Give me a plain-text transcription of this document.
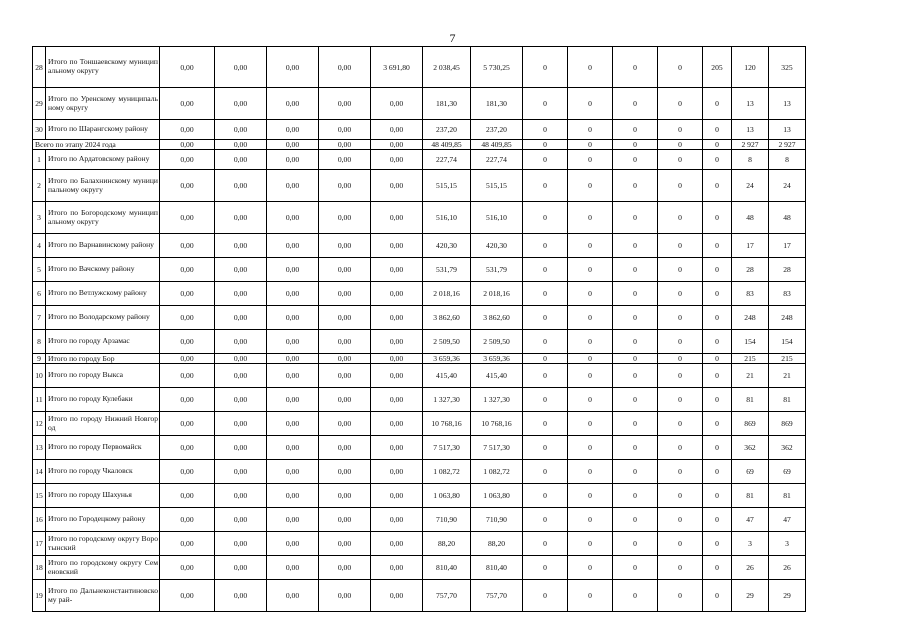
7
28	Итого по Тоншаевскому муниципальному округу	0,00	0,00	0,00	0,00	3 691,80	2 038,45	5 730,25	0	0	0	0	205	120	325
29	Итого по Уренскому муниципальному округу	0,00	0,00	0,00	0,00	0,00	181,30	181,30	0	0	0	0	0	13	13
30	Итого по Шарангскому району	0,00	0,00	0,00	0,00	0,00	237,20	237,20	0	0	0	0	0	13	13
Всего по этапу 2024 года		0,00	0,00	0,00	0,00	0,00	48 409,85	48 409,85	0	0	0	0	0	2 927	2 927
1	Итого по Ардатовскому району	0,00	0,00	0,00	0,00	0,00	227,74	227,74	0	0	0	0	0	8	8
2	Итого по Балахнинскому муниципальному округу	0,00	0,00	0,00	0,00	0,00	515,15	515,15	0	0	0	0	0	24	24
3	Итого по Богородскому муниципальному округу	0,00	0,00	0,00	0,00	0,00	516,10	516,10	0	0	0	0	0	48	48
4	Итого по Варнавинскому району	0,00	0,00	0,00	0,00	0,00	420,30	420,30	0	0	0	0	0	17	17
5	Итого по Вачскому району	0,00	0,00	0,00	0,00	0,00	531,79	531,79	0	0	0	0	0	28	28
6	Итого по Ветлужскому району	0,00	0,00	0,00	0,00	0,00	2 018,16	2 018,16	0	0	0	0	0	83	83
7	Итого по Володарскому району	0,00	0,00	0,00	0,00	0,00	3 862,60	3 862,60	0	0	0	0	0	248	248
8	Итого по городу Арзамас	0,00	0,00	0,00	0,00	0,00	2 509,50	2 509,50	0	0	0	0	0	154	154
9	Итого по городу Бор	0,00	0,00	0,00	0,00	0,00	3 659,36	3 659,36	0	0	0	0	0	215	215
10	Итого по городу Выкса	0,00	0,00	0,00	0,00	0,00	415,40	415,40	0	0	0	0	0	21	21
11	Итого по городу Кулебаки	0,00	0,00	0,00	0,00	0,00	1 327,30	1 327,30	0	0	0	0	0	81	81
12	Итого по городу Нижний Новгород	0,00	0,00	0,00	0,00	0,00	10 768,16	10 768,16	0	0	0	0	0	869	869
13	Итого по городу Первомайск	0,00	0,00	0,00	0,00	0,00	7 517,30	7 517,30	0	0	0	0	0	362	362
14	Итого по городу Чкаловск	0,00	0,00	0,00	0,00	0,00	1 082,72	1 082,72	0	0	0	0	0	69	69
15	Итого по городу Шахунья	0,00	0,00	0,00	0,00	0,00	1 063,80	1 063,80	0	0	0	0	0	81	81
16	Итого по Городецкому району	0,00	0,00	0,00	0,00	0,00	710,90	710,90	0	0	0	0	0	47	47
17	Итого по городскому округу Воротынский	0,00	0,00	0,00	0,00	0,00	88,20	88,20	0	0	0	0	0	3	3
18	Итого по городскому округу Семеновский	0,00	0,00	0,00	0,00	0,00	810,40	810,40	0	0	0	0	0	26	26
19	Итого по Дальнеконстантиновскому рай-	0,00	0,00	0,00	0,00	0,00	757,70	757,70	0	0	0	0	0	29	29
